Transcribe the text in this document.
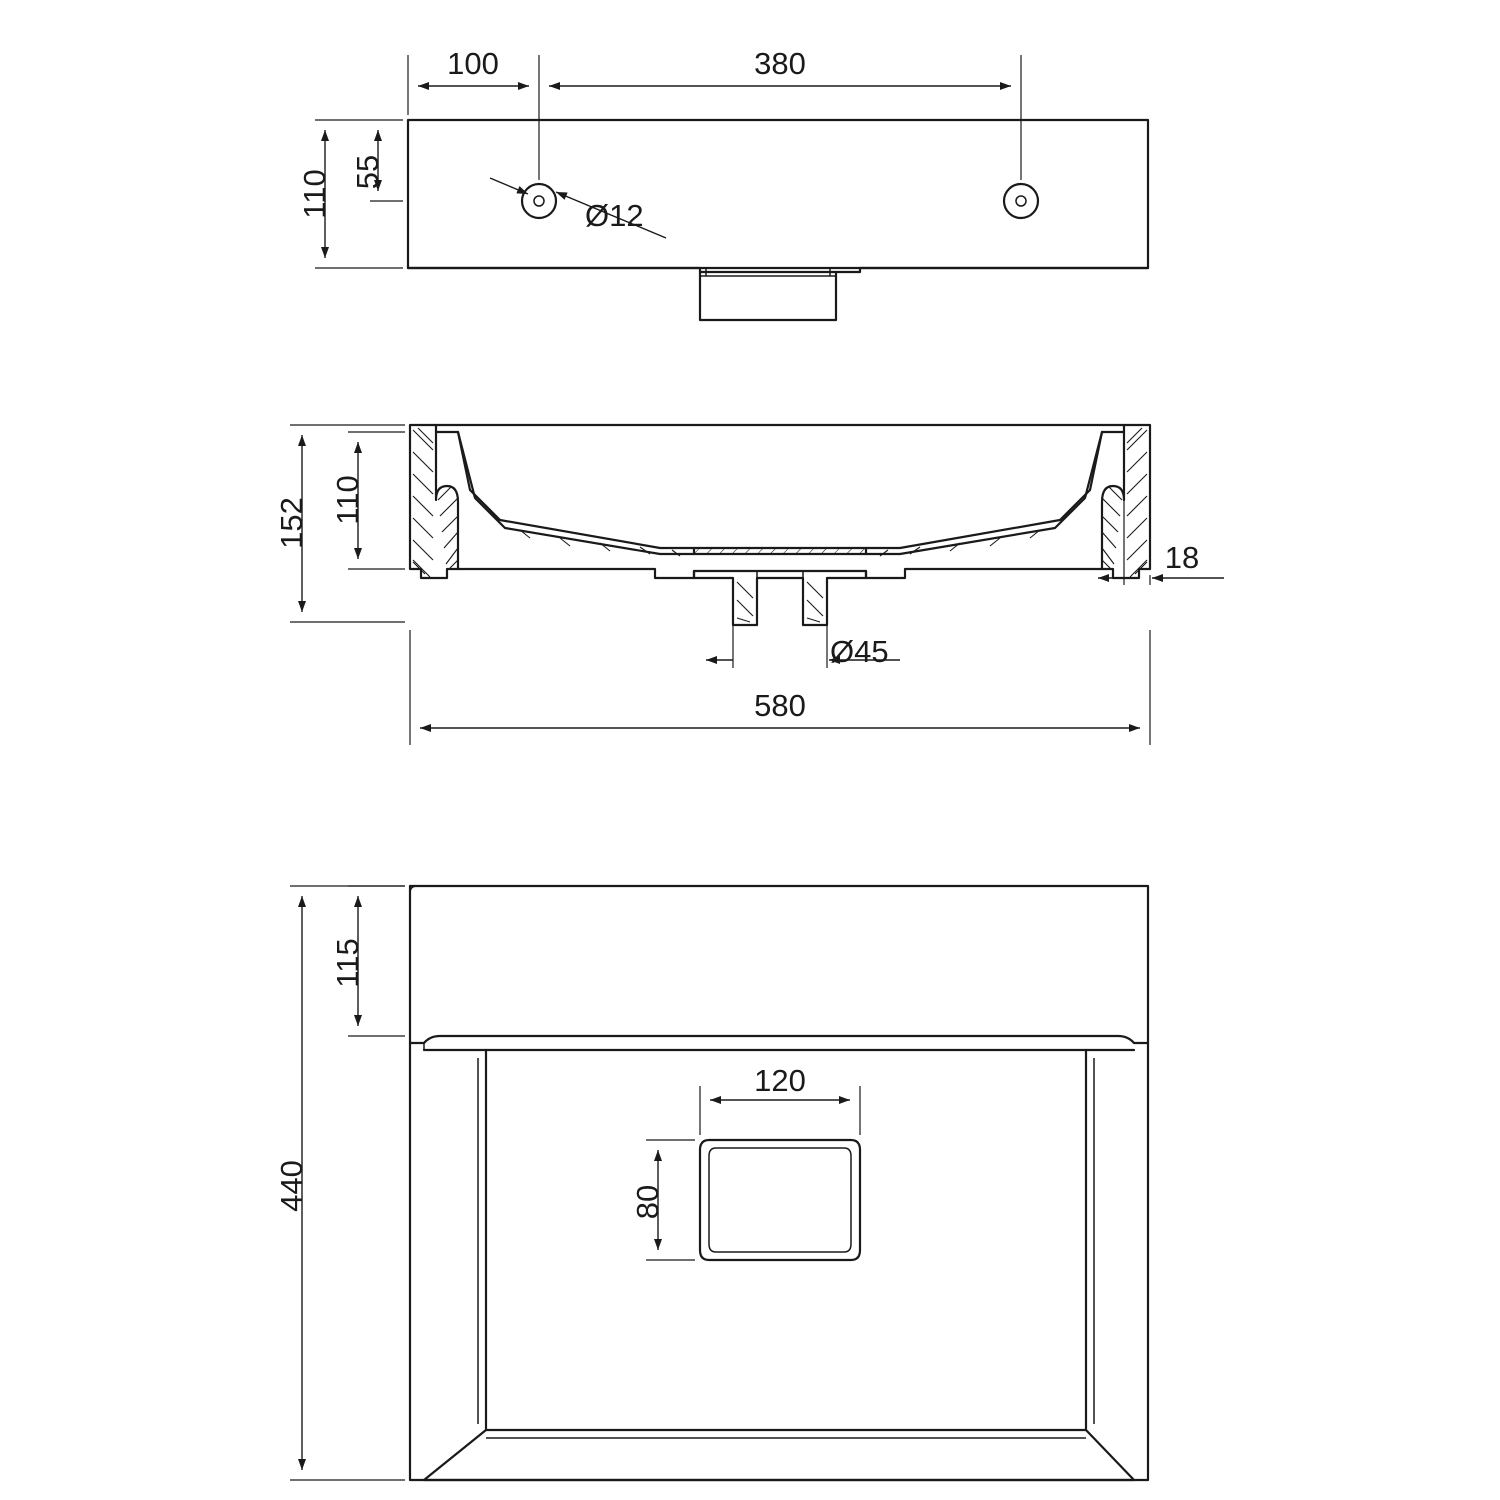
100	380
110 55
Ø12
152 110
18
Ø45
580
115
440
120
80
